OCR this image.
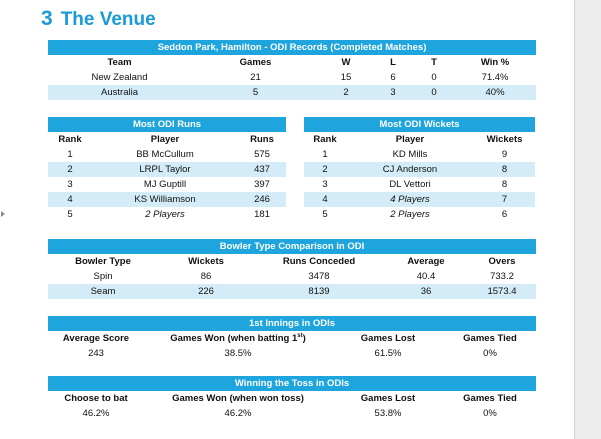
3 The Venue
Seddon Park, Hamilton - ODI Records (Completed Matches)					
Team	Games	W	L	T	Win %
New Zealand	21	15	6	0	71.4%
Australia	5	2	3	0	40%
Most ODI Runs		
Rank	Player	Runs
1	BB McCullum	575
2	LRPL Taylor	437
3	MJ Guptill	397
4	KS Williamson	246
5	2 Players	181
Most ODI Wickets		
Rank	Player	Wickets
1	KD Mills	9
2	CJ Anderson	8
3	DL Vettori	8
4	4 Players	7
5	2 Players	6
Bowler Type Comparison in ODI				
Bowler Type	Wickets	Runs Conceded	Average	Overs
Spin	86	3478	40.4	733.2
Seam	226	8139	36	1573.4
1st Innings in ODIs			
Average Score	Games Won (when batting 1st)	Games Lost	Games Tied
243	38.5%	61.5%	0%
Winning the Toss in ODIs			
Choose to bat	Games Won (when won toss)	Games Lost	Games Tied
46.2%	46.2%	53.8%	0%
